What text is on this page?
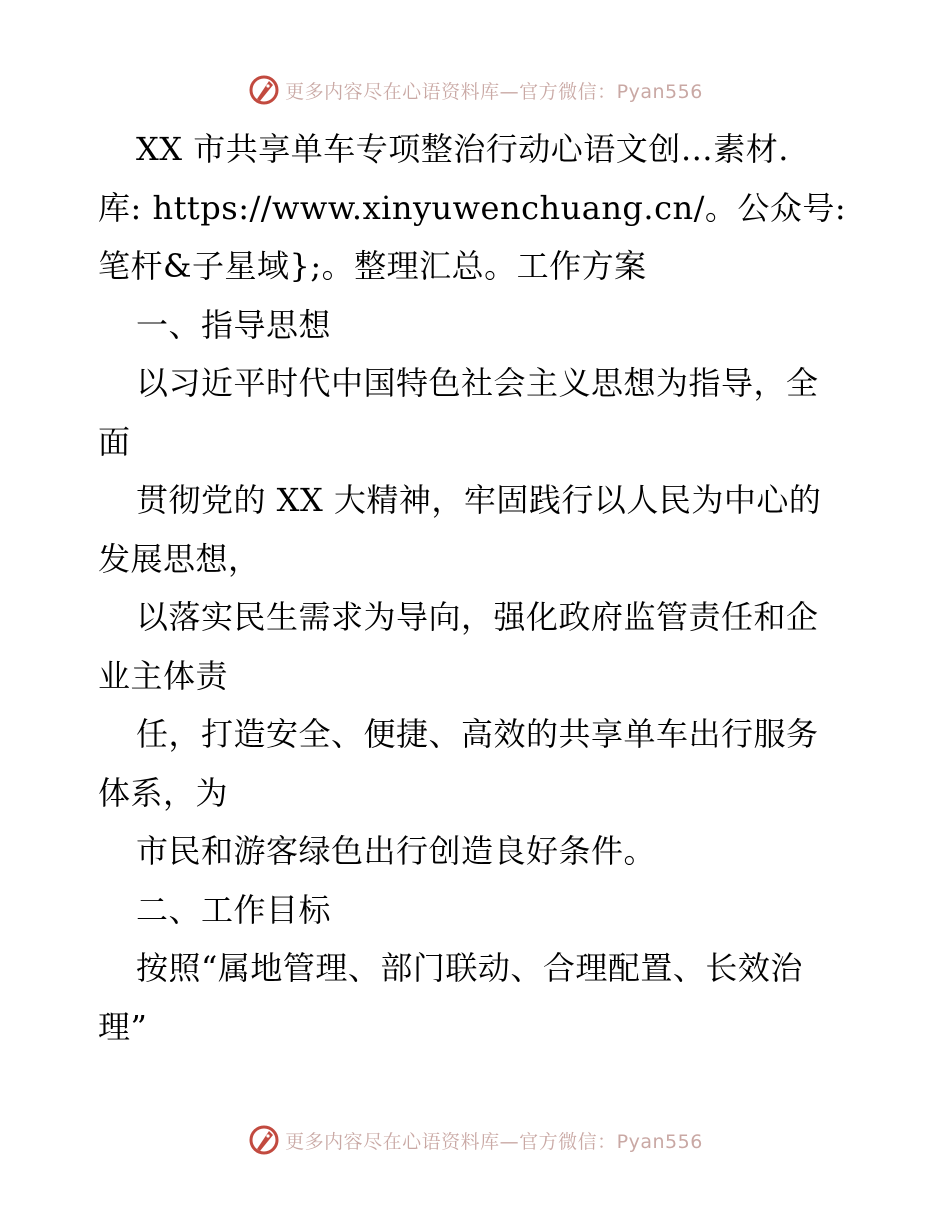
更多内容尽在心语资料库—官方微信：Pyan556
XX 市共享单车专项整治行动心语文创…素材.
库: https://www.xinyuwenchuang.cn/。公众号:
笔杆&子星域};。整理汇总。工作方案
一、指导思想
以习近平时代中国特色社会主义思想为指导，全
面
贯彻党的 XX 大精神，牢固践行以人民为中心的
发展思想，
以落实民生需求为导向，强化政府监管责任和企
业主体责
任，打造安全、便捷、高效的共享单车出行服务
体系，为
市民和游客绿色出行创造良好条件。
二、工作目标
按照“属地管理、部门联动、合理配置、长效治
理”
更多内容尽在心语资料库—官方微信：Pyan556
